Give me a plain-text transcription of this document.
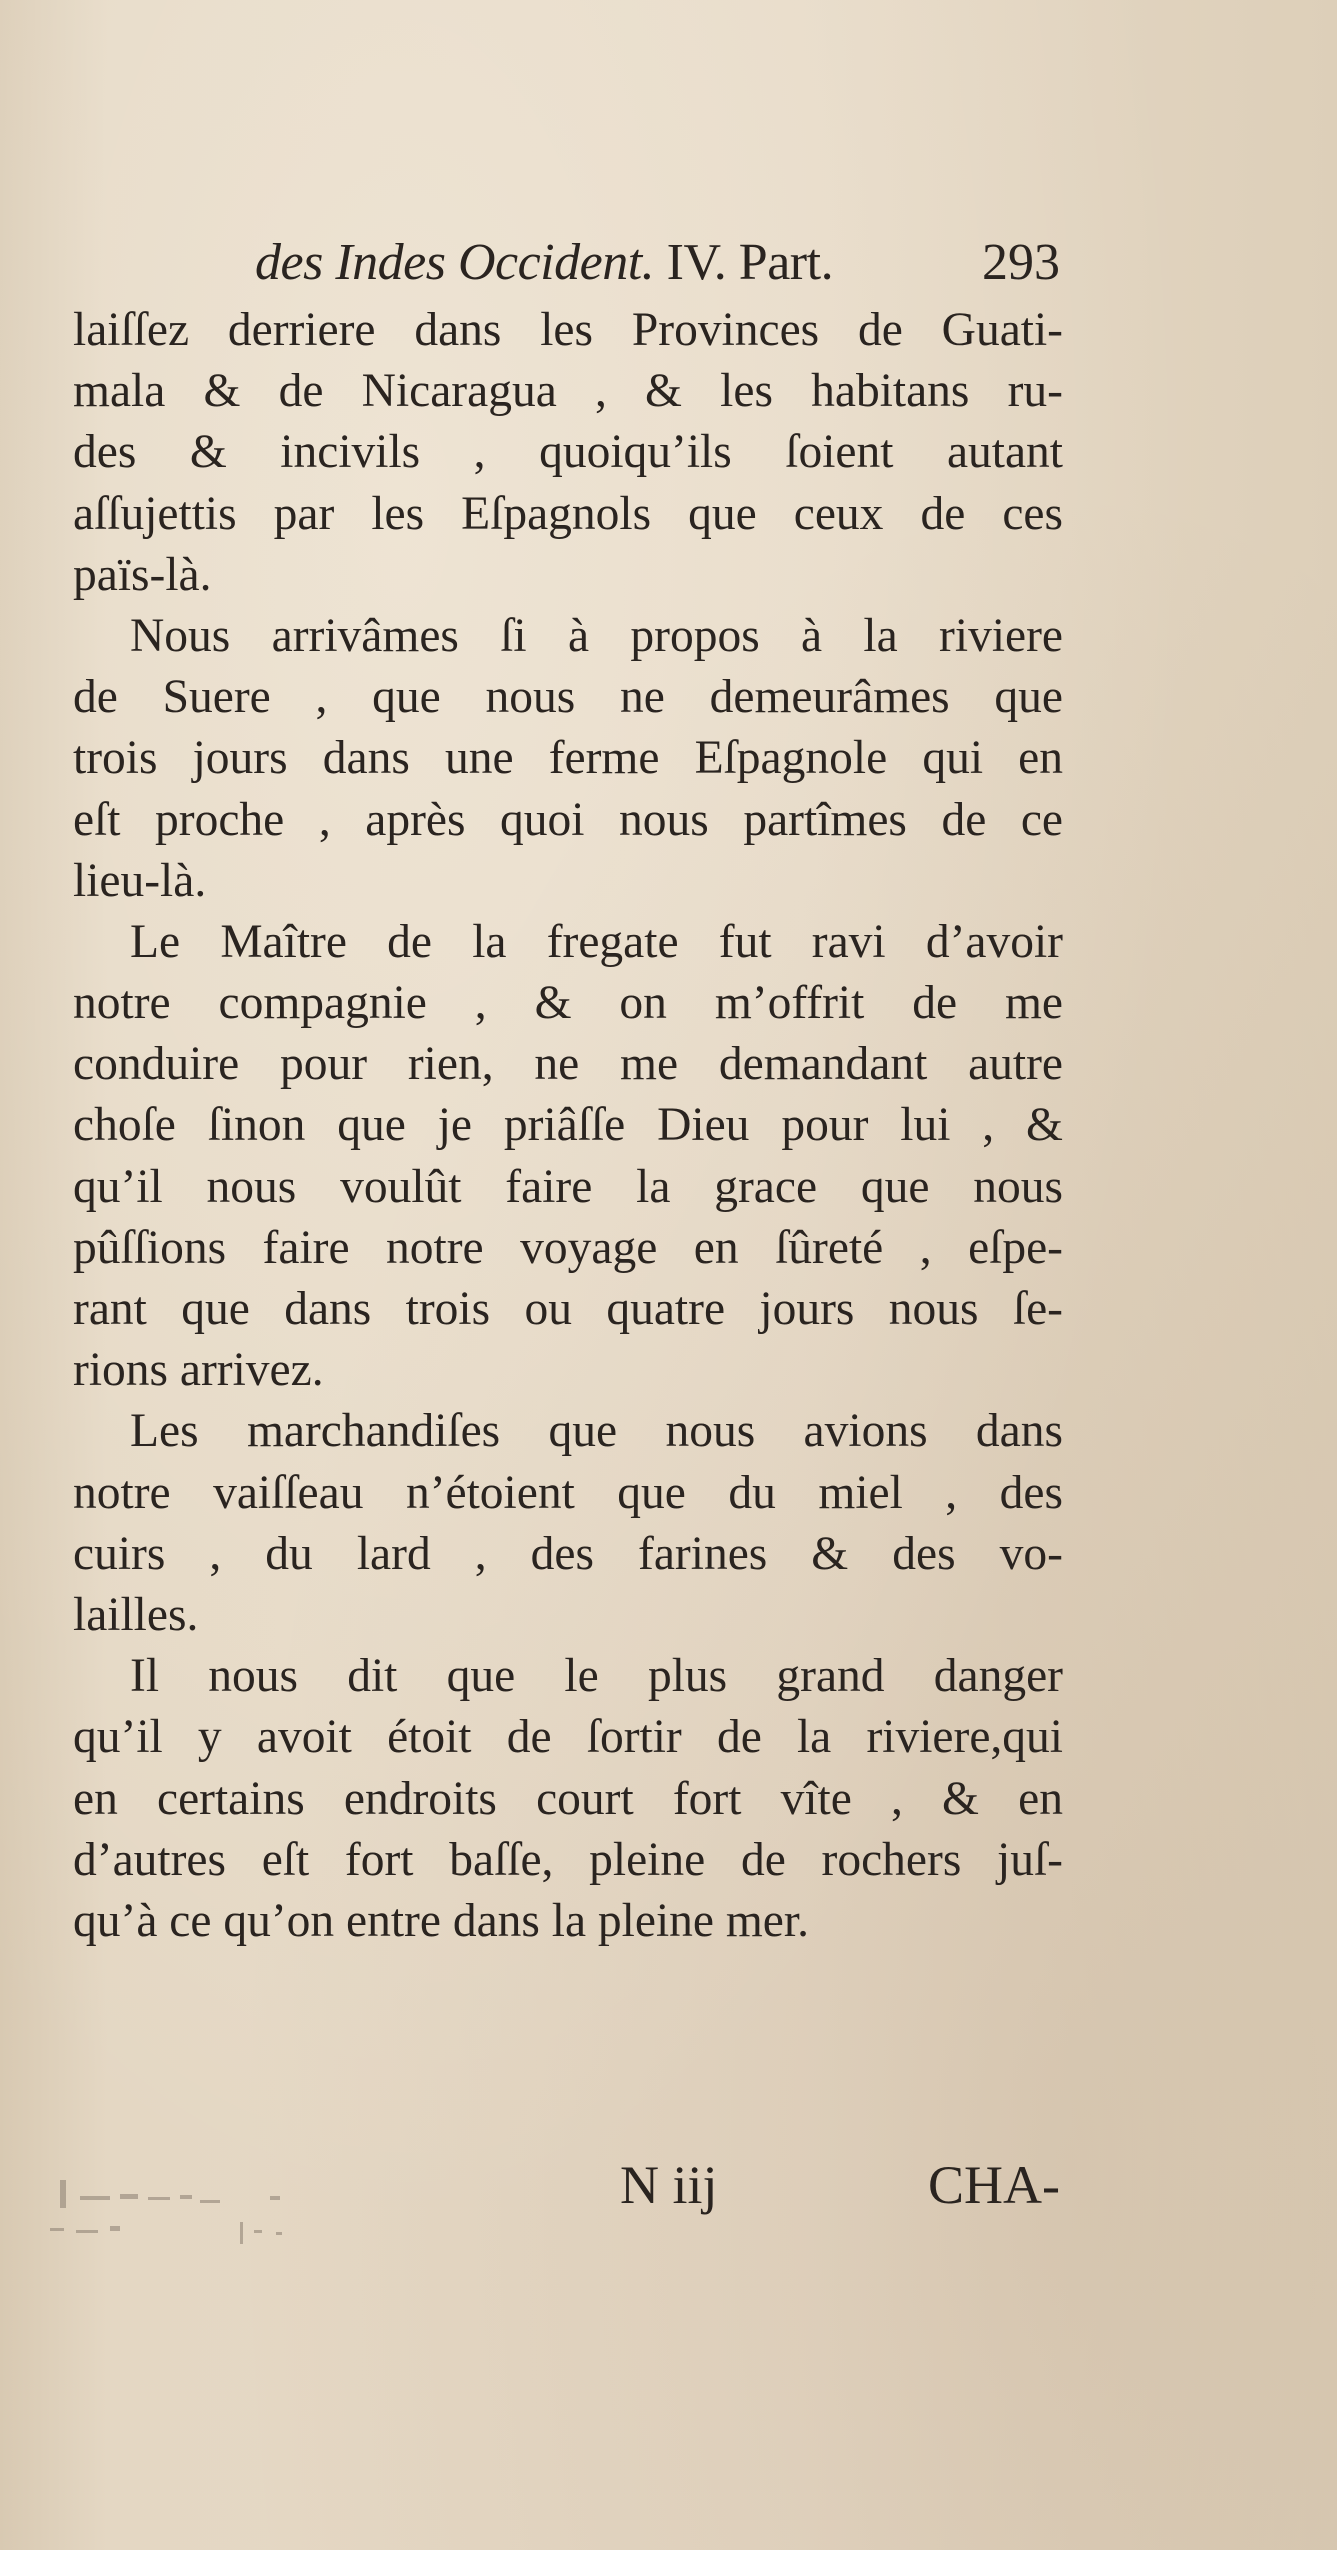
des Indes Occident. IV. Part.	293
laiſſez derriere dans les Provinces de Guati-
mala & de Nicaragua , & les habitans ru-
des & incivils , quoiqu’ils ſoient autant
aſſujettis par les Eſpagnols que ceux de ces
païs-là.
Nous arrivâmes ſi à propos à la riviere
de Suere , que nous ne demeurâmes que
trois jours dans une ferme Eſpagnole qui en
eſt proche , après quoi nous partîmes de ce
lieu-là.
Le Maître de la fregate fut ravi d’avoir
notre compagnie , & on m’offrit de me
conduire pour rien, ne me demandant autre
choſe ſinon que je priâſſe Dieu pour lui , &
qu’il nous voulût faire la grace que nous
pûſſions faire notre voyage en ſûreté , eſpe-
rant que dans trois ou quatre jours nous ſe-
rions arrivez.
Les marchandiſes que nous avions dans
notre vaiſſeau n’étoient que du miel , des
cuirs , du lard , des farines & des vo-
lailles.
Il nous dit que le plus grand danger
qu’il y avoit étoit de ſortir de la riviere,qui
en certains endroits court fort vîte , & en
d’autres eſt fort baſſe, pleine de rochers juſ-
qu’à ce qu’on entre dans la pleine mer.
N iij	CHA-
